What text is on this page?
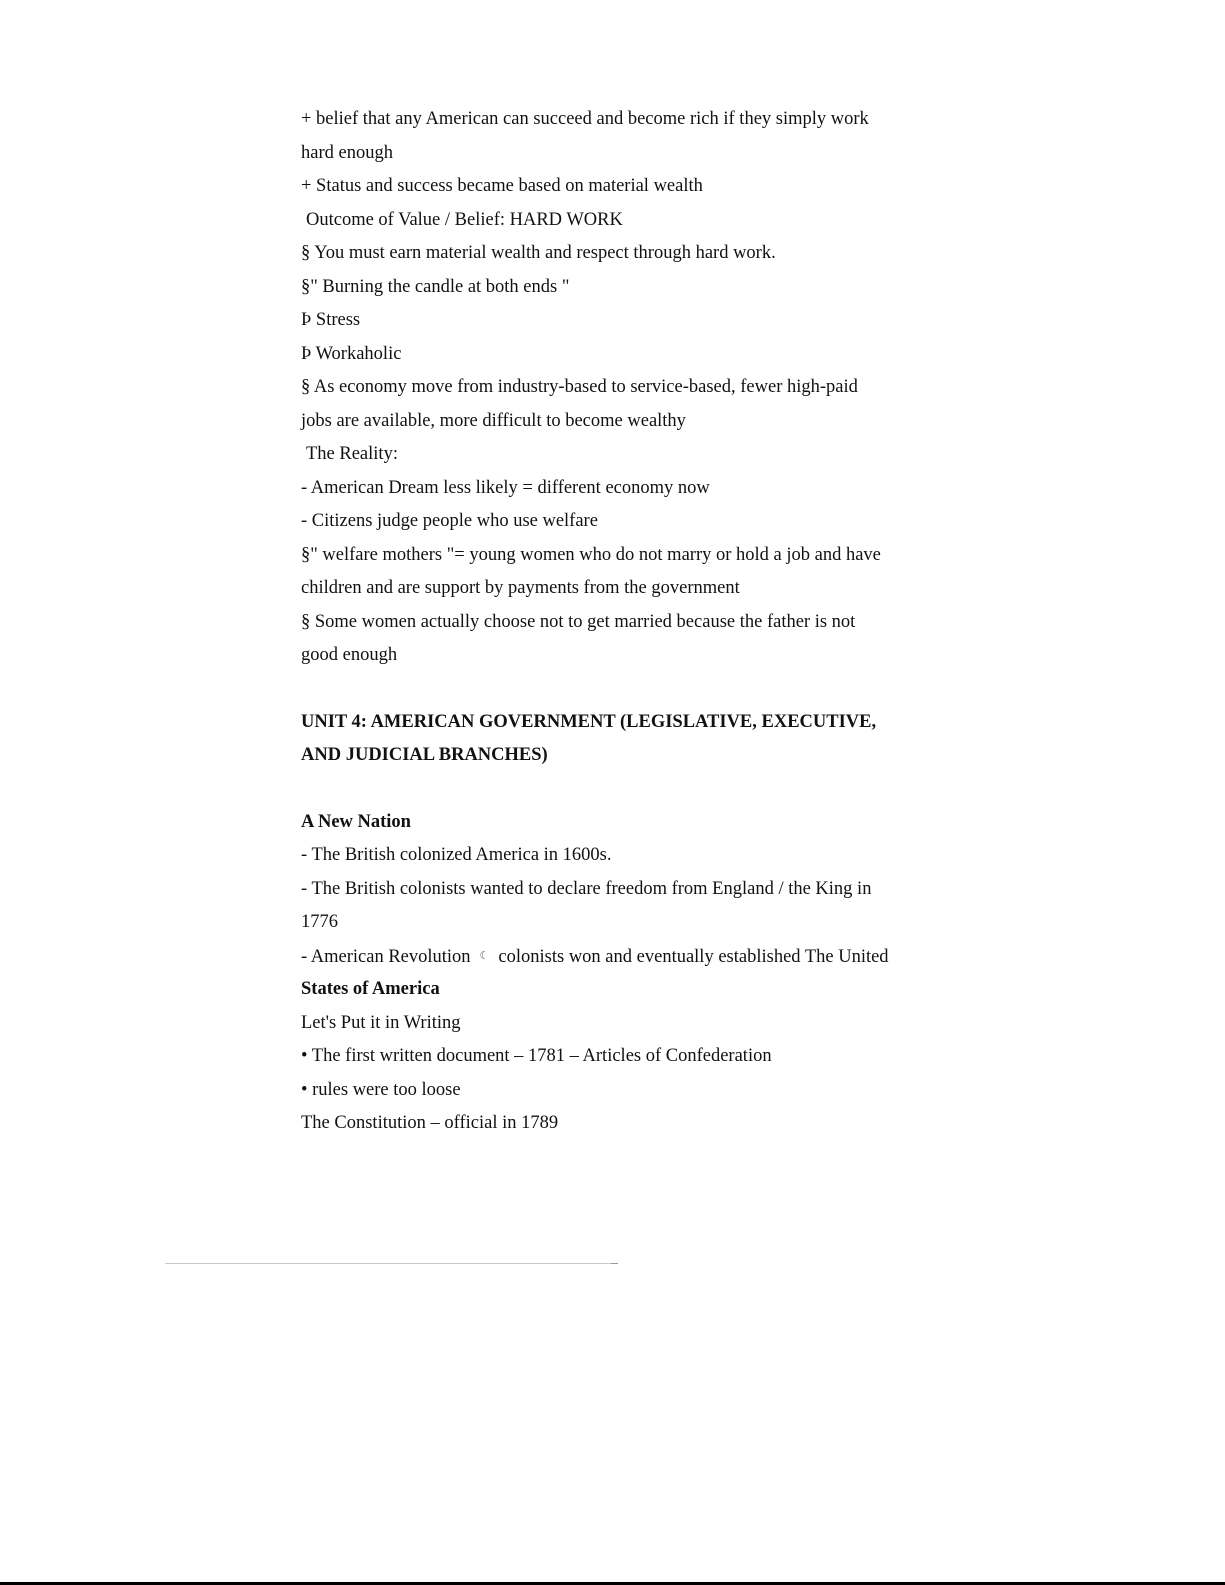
+ belief that any American can succeed and become rich if they simply work

hard enough

+ Status and success became based on material wealth

Outcome of Value / Belief: HARD WORK

§ You must earn material wealth and respect through hard work.

§" Burning the candle at both ends "

Þ Stress

Þ Workaholic

§ As economy move from industry-based to service-based, fewer high-paid

jobs are available, more difficult to become wealthy

The Reality:

- American Dream less likely = different economy now

- Citizens judge people who use welfare

§" welfare mothers "= young women who do not marry or hold a job and have

children and are support by payments from the government

§ Some women actually choose not to get married because the father is not

good enough

UNIT 4: AMERICAN GOVERNMENT (LEGISLATIVE, EXECUTIVE,

AND JUDICIAL BRANCHES)

A New Nation

- The British colonized America in 1600s.

- The British colonists wanted to declare freedom from England / the King in

1776

- American Revolution ☾ colonists won and eventually established The United

States of America

Let's Put it in Writing

• The first written document – 1781 – Articles of Confederation

• rules were too loose

The Constitution – official in 1789
